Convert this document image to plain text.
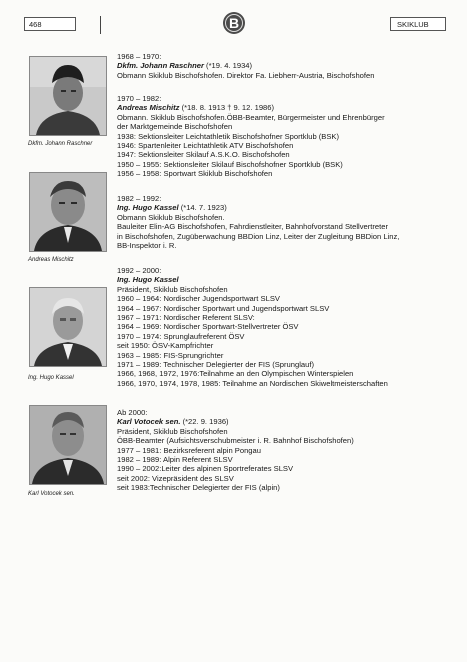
468	B	SKIKLUB
Dkfm. Johann Raschner
Andreas Mischitz
Ing. Hugo Kassel
Karl Votocek sen.
1968 – 1970:
Dkfm. Johann Raschner (*19. 4. 1934)
Obmann Skiklub Bischofshofen. Direktor Fa. Liebherr-Austria, Bischofshofen
1970 – 1982:
Andreas Mischitz (*18. 8. 1913 † 9. 12. 1986)
Obmann. Skiklub Bischofshofen.ÖBB-Beamter, Bürgermeister und Ehrenbürger
der Marktgemeinde Bischofshofen
1938: Sektionsleiter Leichtathletik Bischofshofner Sportklub (BSK)
1946: Spartenleiter Leichtathletik ATV Bischofshofen
1947: Sektionsleiter Skilauf A.S.K.O. Bischofshofen
1950 – 1955: Sektionsleiter Skilauf Bischofshofner Sportklub (BSK)
1956 – 1958: Sportwart Skiklub Bischofshofen
1982 – 1992:
Ing. Hugo Kassel (*14. 7. 1923)
Obmann Skiklub Bischofshofen.
Bauleiter Elin-AG Bischofshofen, Fahrdienstleiter, Bahnhofvorstand Stellvertreter
in Bischofshofen, Zugüberwachung BBDion Linz, Leiter der Zugleitung BBDion Linz,
BB-Inspektor i. R.
1992 – 2000:
Ing. Hugo Kassel
Präsident, Skiklub Bischofshofen
1960 – 1964: Nordischer Jugendsportwart SLSV
1964 – 1967: Nordischer Sportwart und Jugendsportwart SLSV
1967 – 1971: Nordischer Referent SLSV:
1964 – 1969: Nordischer Sportwart-Stellvertreter ÖSV
1970 – 1974: Sprunglaufreferent ÖSV
seit 1950: ÖSV-Kampfrichter
1963 – 1985: FIS-Sprungrichter
1971 – 1989: Technischer Delegierter der FIS (Sprunglauf)
1966, 1968, 1972, 1976:Teilnahme an den Olympischen Winterspielen
1966, 1970, 1974, 1978, 1985: Teilnahme an Nordischen Skiweltmeisterschaften
Ab 2000:
Karl Votocek sen. (*22. 9. 1936)
Präsident, Skiklub Bischofshofen
ÖBB-Beamter (Aufsichtsverschubmeister i. R. Bahnhof Bischofshofen)
1977 – 1981: Bezirksreferent alpin Pongau
1982 – 1989: Alpin Referent SLSV
1990 – 2002:Leiter des alpinen Sportreferates SLSV
seit 2002: Vizepräsident des SLSV
seit 1983:Technischer Delegierter der FIS (alpin)
